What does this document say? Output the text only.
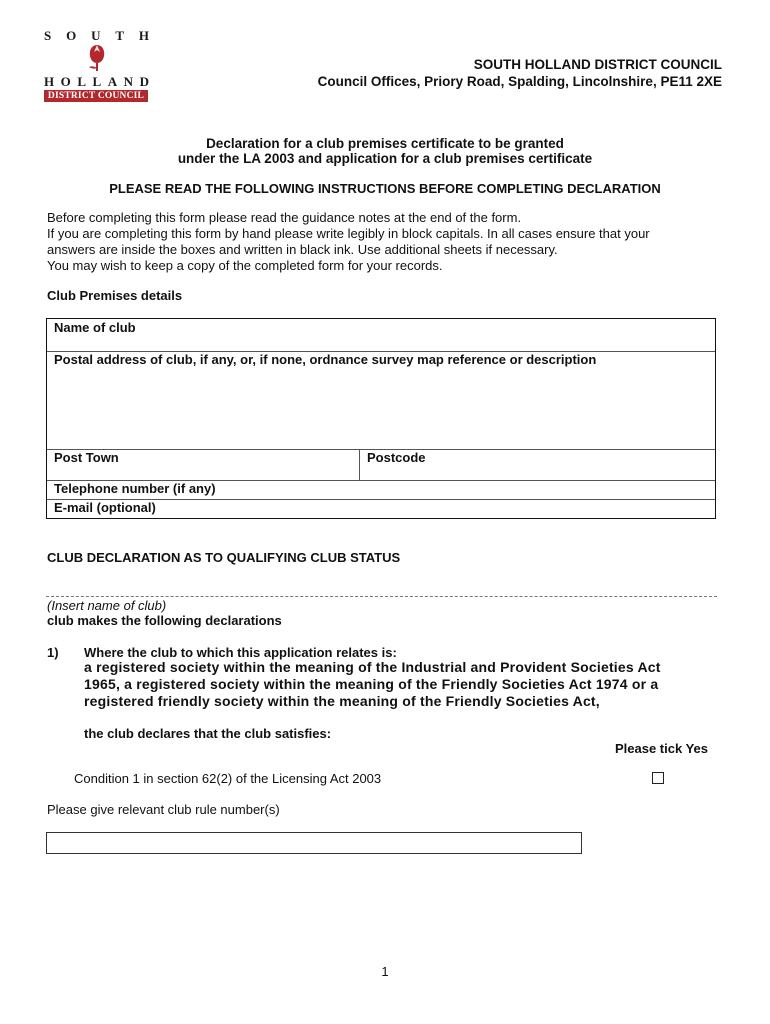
S O U T H
H O L L A N D
DISTRICT COUNCIL
SOUTH HOLLAND DISTRICT COUNCIL
Council Offices, Priory Road, Spalding, Lincolnshire, PE11 2XE
Declaration for a club premises certificate to be granted
under the LA 2003 and application for a club premises certificate
PLEASE READ THE FOLLOWING INSTRUCTIONS BEFORE COMPLETING DECLARATION
Before completing this form please read the guidance notes at the end of the form.
If you are completing this form by hand please write legibly in block capitals. In all cases ensure that your
answers are inside the boxes and written in black ink. Use additional sheets if necessary.
You may wish to keep a copy of the completed form for your records.
Club Premises details
Name of club
Postal address of club, if any, or, if none, ordnance survey map reference or description
Post Town	Postcode
Telephone number (if any)
E-mail (optional)
CLUB DECLARATION AS TO QUALIFYING CLUB STATUS
(Insert name of club)
club makes the following declarations
1) Where the club to which this application relates is:
a registered society within the meaning of the Industrial and Provident Societies Act
1965, a registered society within the meaning of the Friendly Societies Act 1974 or a
registered friendly society within the meaning of the Friendly Societies Act,
the club declares that the club satisfies:
Please tick Yes
Condition 1 in section 62(2) of the Licensing Act 2003
Please give relevant club rule number(s)
1
